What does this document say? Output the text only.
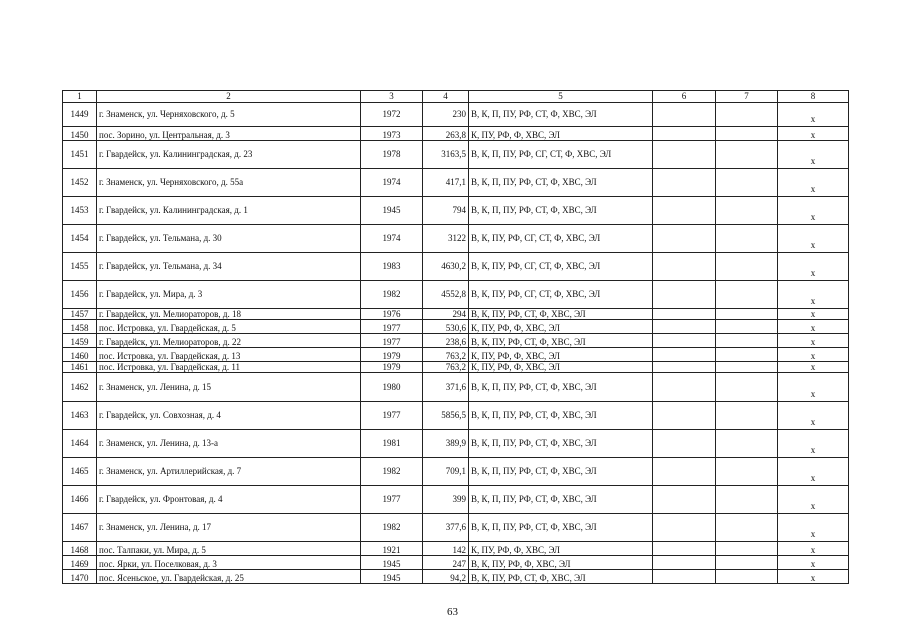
1	2	3	4	5	6	7	8
1449	г. Знаменск, ул. Черняховского, д. 5	1972	230	В, К, П, ПУ, РФ, СТ, Ф, ХВС, ЭЛ			х
1450	пос. Зорино, ул. Центральная, д. 3	1973	263,8	К, ПУ, РФ, Ф, ХВС, ЭЛ			х
1451	г. Гвардейск, ул. Калининградская, д. 23	1978	3163,5	В, К, П, ПУ, РФ, СГ, СТ, Ф, ХВС, ЭЛ			х
1452	г. Знаменск, ул. Черняховского, д. 55а	1974	417,1	В, К, П, ПУ, РФ, СТ, Ф, ХВС, ЭЛ			х
1453	г. Гвардейск, ул. Калининградская, д. 1	1945	794	В, К, П, ПУ, РФ, СТ, Ф, ХВС, ЭЛ			х
1454	г. Гвардейск, ул. Тельмана, д. 30	1974	3122	В, К, ПУ, РФ, СГ, СТ, Ф, ХВС, ЭЛ			х
1455	г. Гвардейск, ул. Тельмана, д. 34	1983	4630,2	В, К, ПУ, РФ, СГ, СТ, Ф, ХВС, ЭЛ			х
1456	г. Гвардейск, ул. Мира, д. 3	1982	4552,8	В, К, ПУ, РФ, СГ, СТ, Ф, ХВС, ЭЛ			х
1457	г. Гвардейск, ул. Мелиораторов, д. 18	1976	294	В, К, ПУ, РФ, СТ, Ф, ХВС, ЭЛ			х
1458	пос. Истровка, ул. Гвардейская, д. 5	1977	530,6	К, ПУ, РФ, Ф, ХВС, ЭЛ			х
1459	г. Гвардейск, ул. Мелиораторов, д. 22	1977	238,6	В, К, ПУ, РФ, СТ, Ф, ХВС, ЭЛ			х
1460	пос. Истровка, ул. Гвардейская, д. 13	1979	763,2	К, ПУ, РФ, Ф, ХВС, ЭЛ			х
1461	пос. Истровка, ул. Гвардейская, д. 11	1979	763,2	К, ПУ, РФ, Ф, ХВС, ЭЛ			х
1462	г. Знаменск, ул. Ленина, д. 15	1980	371,6	В, К, П, ПУ, РФ, СТ, Ф, ХВС, ЭЛ			х
1463	г. Гвардейск, ул. Совхозная, д. 4	1977	5856,5	В, К, П, ПУ, РФ, СТ, Ф, ХВС, ЭЛ			х
1464	г. Знаменск, ул. Ленина, д. 13-а	1981	389,9	В, К, П, ПУ, РФ, СТ, Ф, ХВС, ЭЛ			х
1465	г. Знаменск, ул. Артиллерийская, д. 7	1982	709,1	В, К, П, ПУ, РФ, СТ, Ф, ХВС, ЭЛ			х
1466	г. Гвардейск, ул. Фронтовая, д. 4	1977	399	В, К, П, ПУ, РФ, СТ, Ф, ХВС, ЭЛ			х
1467	г. Знаменск, ул. Ленина, д. 17	1982	377,6	В, К, П, ПУ, РФ, СТ, Ф, ХВС, ЭЛ			х
1468	пос. Талпаки, ул. Мира, д. 5	1921	142	К, ПУ, РФ, Ф, ХВС, ЭЛ			х
1469	пос. Ярки, ул. Поселковая, д. 3	1945	247	В, К, ПУ, РФ, Ф, ХВС, ЭЛ			х
1470	пос. Ясеньское, ул. Гвардейская, д. 25	1945	94,2	В, К, ПУ, РФ, СТ, Ф, ХВС, ЭЛ			х
63
